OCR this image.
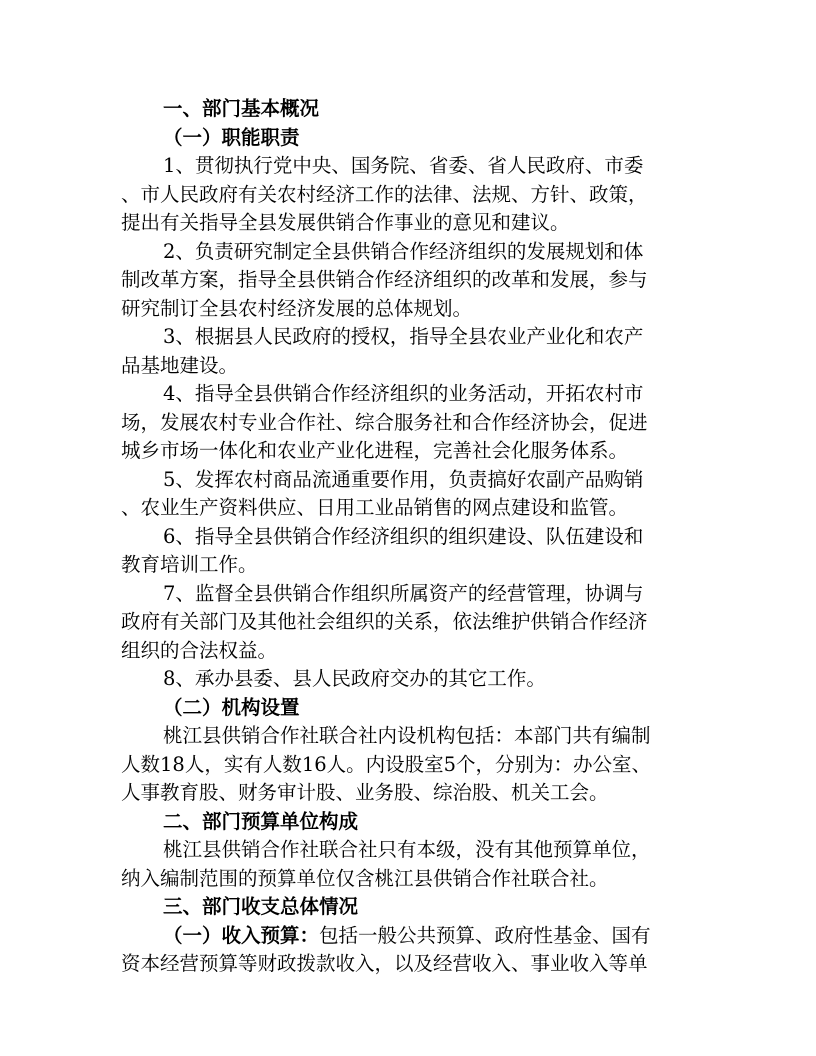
一、部门基本概况
（一）职能职责
1、贯彻执行党中央、国务院、省委、省人民政府、市委
、市人民政府有关农村经济工作的法律、法规、方针、政策，
提出有关指导全县发展供销合作事业的意见和建议。
2、负责研究制定全县供销合作经济组织的发展规划和体
制改革方案，指导全县供销合作经济组织的改革和发展，参与
研究制订全县农村经济发展的总体规划。
3、根据县人民政府的授权，指导全县农业产业化和农产
品基地建设。
4、指导全县供销合作经济组织的业务活动，开拓农村市
场，发展农村专业合作社、综合服务社和合作经济协会，促进
城乡市场一体化和农业产业化进程，完善社会化服务体系。
5、发挥农村商品流通重要作用，负责搞好农副产品购销
、农业生产资料供应、日用工业品销售的网点建设和监管。
6、指导全县供销合作经济组织的组织建设、队伍建设和
教育培训工作。
7、监督全县供销合作组织所属资产的经营管理，协调与
政府有关部门及其他社会组织的关系，依法维护供销合作经济
组织的合法权益。
8、承办县委、县人民政府交办的其它工作。
（二）机构设置
桃江县供销合作社联合社内设机构包括：本部门共有编制
人数18人，实有人数16人。内设股室5个，分别为：办公室、
人事教育股、财务审计股、业务股、综治股、机关工会。
二、部门预算单位构成
桃江县供销合作社联合社只有本级，没有其他预算单位，
纳入编制范围的预算单位仅含桃江县供销合作社联合社。
三、部门收支总体情况
（一）收入预算：包括一般公共预算、政府性基金、国有
资本经营预算等财政拨款收入，以及经营收入、事业收入等单
